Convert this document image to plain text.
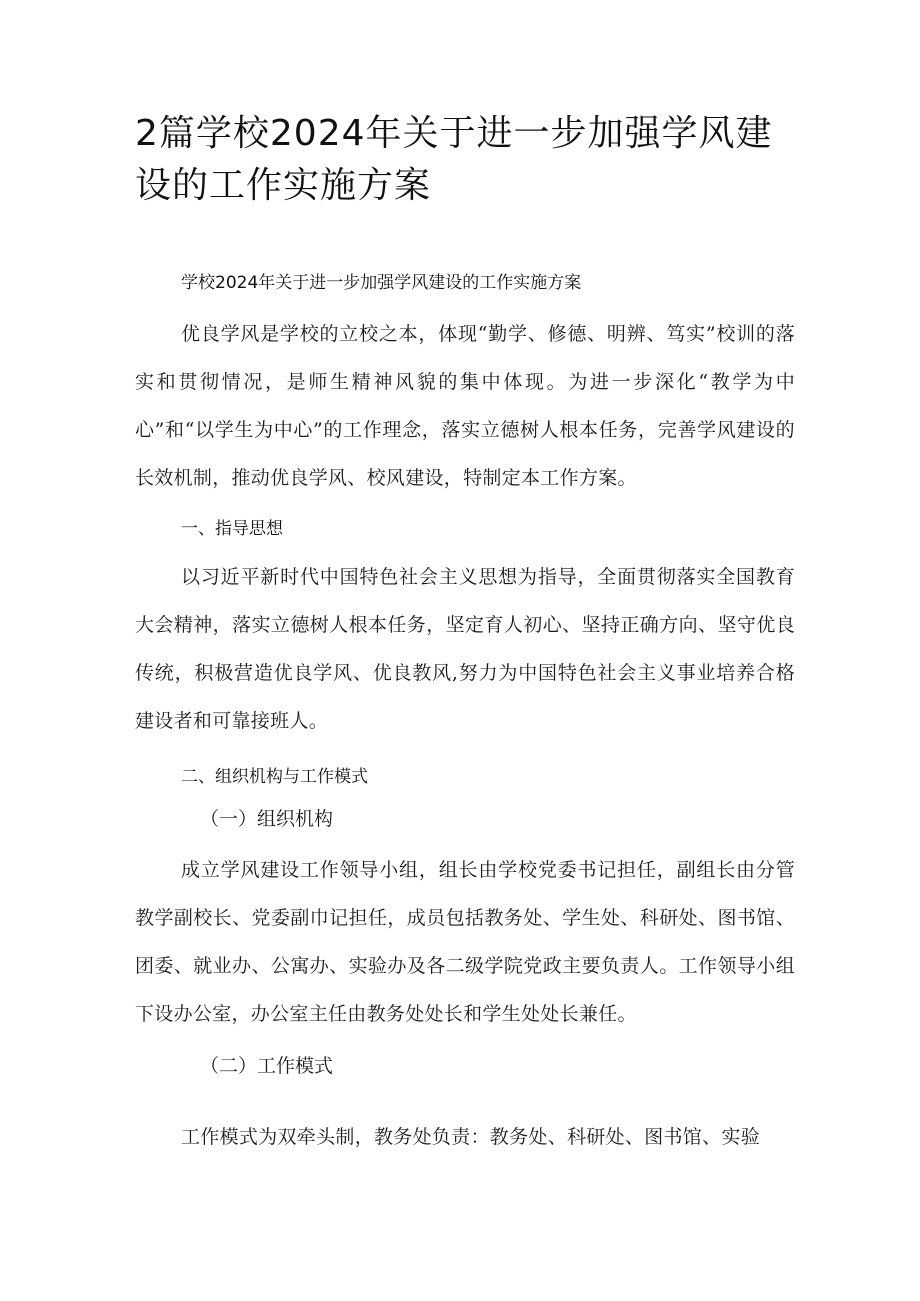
2篇学校2024年关于进一步加强学风建设的工作实施方案

学校2024年关于进一步加强学风建设的工作实施方案

优良学风是学校的立校之本，体现“勤学、修德、明辨、笃实”校训的落实和贯彻情况，是师生精神风貌的集中体现。为进一步深化“教学为中心”和“以学生为中心”的工作理念，落实立德树人根本任务，完善学风建设的长效机制，推动优良学风、校风建设，特制定本工作方案。

一、指导思想

以习近平新时代中国特色社会主义思想为指导，全面贯彻落实全国教育大会精神，落实立德树人根本任务，坚定育人初心、坚持正确方向、坚守优良传统，积极营造优良学风、优良教风,努力为中国特色社会主义事业培养合格建设者和可靠接班人。

二、组织机构与工作模式

（一）组织机构

成立学风建设工作领导小组，组长由学校党委书记担任，副组长由分管教学副校长、党委副巾记担任，成员包括教务处、学生处、科研处、图书馆、团委、就业办、公寓办、实验办及各二级学院党政主要负责人。工作领导小组下设办公室，办公室主任由教务处处长和学生处处长兼任。

（二）工作模式

工作模式为双牵头制，教务处负责：教务处、科研处、图书馆、实验
